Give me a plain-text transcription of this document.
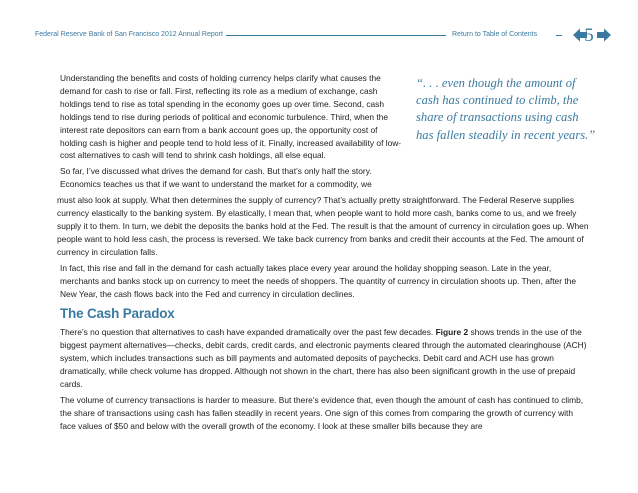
Federal Reserve Bank of San Francisco 2012 Annual Report	Return to Table of Contents 5
“. . . even though the amount of cash has continued to climb, the share of transactions using cash has fallen steadily in recent years.”

Understanding the benefits and costs of holding currency helps clarify what causes the demand for cash to rise or fall. First, reflecting its role as a medium of exchange, cash holdings tend to rise as total spending in the economy goes up over time. Second, cash holdings tend to rise during periods of political and economic turbulence. Third, when the interest rate depositors can earn from a bank account goes up, the opportunity cost of holding cash is higher and people tend to hold less of it. Finally, increased availability of low-cost alternatives to cash will tend to shrink cash holdings, all else equal.

So far, I’ve discussed what drives the demand for cash. But that’s only half the story. Economics teaches us that if we want to understand the market for a commodity, we

must also look at supply. What then determines the supply of currency? That’s actually pretty straightforward. The Federal Reserve supplies currency elastically to the banking system. By elastically, I mean that, when people want to hold more cash, banks come to us, and we freely supply it to them. In turn, we debit the deposits the banks hold at the Fed. The result is that the amount of currency in circulation goes up. When people want to hold less cash, the process is reversed. We take back currency from banks and credit their accounts at the Fed. The amount of currency in circulation falls.

In fact, this rise and fall in the demand for cash actually takes place every year around the holiday shopping season. Late in the year, merchants and banks stock up on currency to meet the needs of shoppers. The quantity of currency in circulation shoots up. Then, after the New Year, the cash flows back into the Fed and currency in circulation declines.

The Cash Paradox

There’s no question that alternatives to cash have expanded dramatically over the past few decades. Figure 2 shows trends in the use of the biggest payment alternatives—checks, debit cards, credit cards, and electronic payments cleared through the automated clearinghouse (ACH) system, which includes transactions such as bill payments and automated deposits of paychecks. Debit card and ACH use has grown dramatically, while check volume has dropped. Although not shown in the chart, there has also been significant growth in the use of prepaid cards.

The volume of currency transactions is harder to measure. But there’s evidence that, even though the amount of cash has continued to climb, the share of transactions using cash has fallen steadily in recent years. One sign of this comes from comparing the growth of currency with face values of $50 and below with the overall growth of the economy. I look at these smaller bills because they are
